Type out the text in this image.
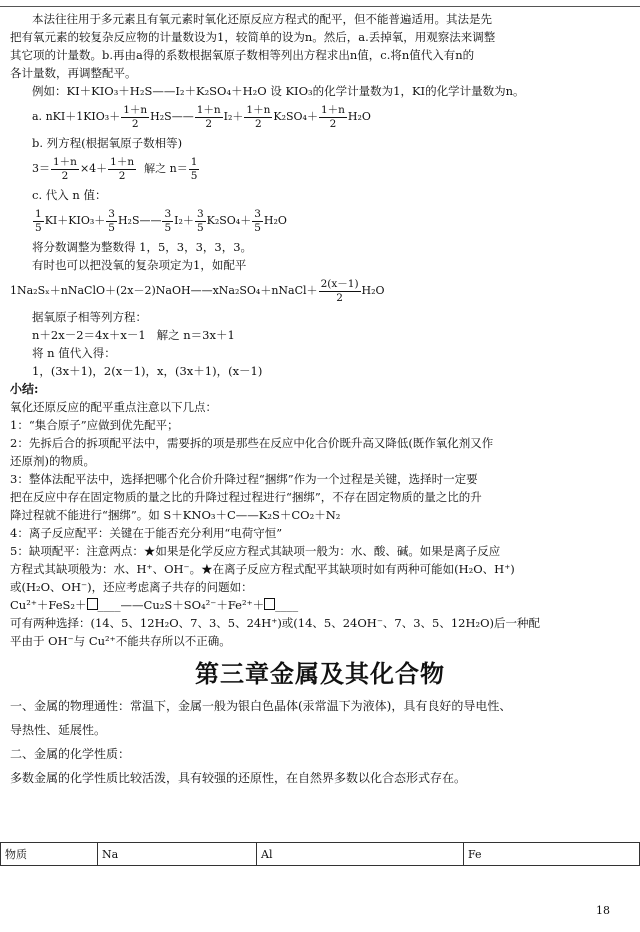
本法往往用于多元素且有氧元素时氧化还原反应方程式的配平，但不能普遍适用。其法是先
把有氧元素的较复杂反应物的计量数设为1，较简单的设为n。然后，a.丢掉氧，用观察法来调整
其它项的计量数。b.再由a得的系数根据氧原子数相等列出方程求出n值，c.将n值代入有n的
各计量数，再调整配平。
例如：KI＋KIO₃＋H₂S——I₂＋K₂SO₄＋H₂O 设 KIO₃的化学计量数为1，KI的化学计量数为n。
a.
$nKI+1KIO_3+ \frac{1+n}{2}$ H₂S—— $\frac{1+n}{2} I_2+ \frac{1+n}{2} K_2SO_4+ \frac{1+n}{2} H_2O$
b. 列方程(根据氧原子数相等)
$3= \frac{1+n}{2} \times 4+ \frac{1+n}{2}$ 解之 $n= \frac{1}{5}$
c. 代入 n 值：
$\frac{1}{5} KI+KIO_3+ \frac{3}{5}$ H₂S—— $\frac{3}{5} I_2+ \frac{3}{5} K_2SO_4+ \frac{3}{5} H_2O$
将分数调整为整数得 1，5，3，3，3，3。
有时也可以把没氧的复杂项定为1，如配平
1Na₂Sₓ＋nNaClO＋(2x－2)NaOH——xNa₂SO₄＋nNaCl＋ $\frac{2(x-1)}{2} H_2O$
据氧原子相等列方程：
n＋2x－2＝4x＋x－1   解之 n＝3x＋1
将 n 值代入得：
1，(3x＋1)，2(x－1)，x，(3x＋1)，(x－1)
小结:
氧化还原反应的配平重点注意以下几点：
1：“集合原子”应做到优先配平；
2：先拆后合的拆项配平法中，需要拆的项是那些在反应中化合价既升高又降低(既作氧化剂又作
还原剂)的物质。
3：整体法配平法中，选择把哪个化合价升降过程“捆绑”作为一个过程是关键，选择时一定要
把在反应中存在固定物质的量之比的升降过程过程进行“捆绑”，不存在固定物质的量之比的升
降过程就不能进行“捆绑”。如 S＋KNO₃＋C——K₂S＋CO₂＋N₂
4：离子反应配平：关键在于能否充分利用“电荷守恒”
5：缺项配平：注意两点：★如果是化学反应方程式其缺项一般为：水、酸、碱。如果是离子反应
方程式其缺项般为：水、H⁺、OH⁻。★在离子反应方程式配平其缺项时如有两种可能如(H₂O、H⁺)
或(H₂O、OH⁻)，还应考虑离子共存的问题如：
Cu²⁺＋FeS₂＋ ____——Cu₂S＋SO₄²⁻＋Fe²⁺＋ ____
可有两种选择：(14、5、12H₂O、7、3、5、24H⁺)或(14、5、24OH⁻、7、3、5、12H₂O)后一种配
平由于 OH⁻与 Cu²⁺不能共存所以不正确。
第三章金属及其化合物
一、金属的物理通性：常温下，金属一般为银白色晶体(汞常温下为液体)，具有良好的导电性、
导热性、延展性。
二、金属的化学性质：
多数金属的化学性质比较活泼，具有较强的还原性，在自然界多数以化合态形式存在。
物质	Na	Al	Fe
18
